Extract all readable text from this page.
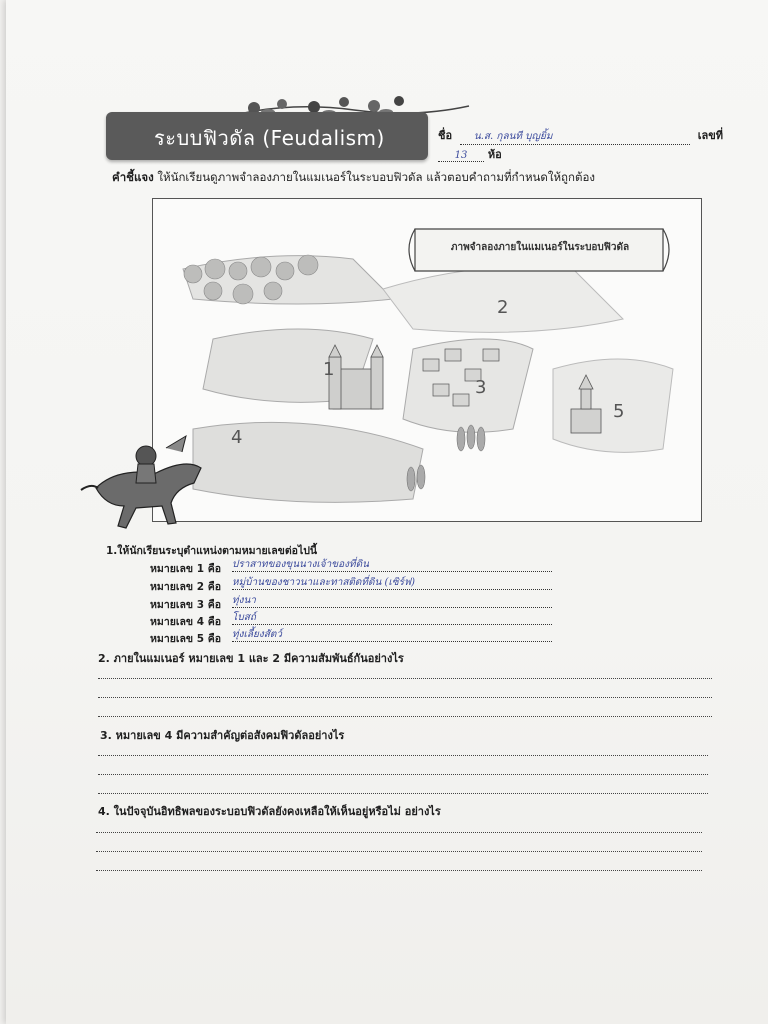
ระบบฟิวดัล (Feudalism)	ชื่อ น.ส. กุลนที บุญยิ้ม	เลขที่ 13 ห้อ
คำชี้แจง ให้นักเรียนดูภาพจำลองภายในแมเนอร์ในระบอบฟิวดัล แล้วตอบคำถามที่กำหนดให้ถูกต้อง
ภาพจำลองภายในแมเนอร์ในระบอบฟิวดัล
1
2
3
4
5
1.ให้นักเรียนระบุตำแหน่งตามหมายเลขต่อไปนี้
หมายเลข 1 คือ ปราสาทของขุนนางเจ้าของที่ดิน
หมายเลข 2 คือ หมู่บ้านของชาวนาและทาสติดที่ดิน (เซิร์ฟ)
หมายเลข 3 คือ ทุ่งนา
หมายเลข 4 คือ โบสถ์
หมายเลข 5 คือ ทุ่งเลี้ยงสัตว์
2. ภายในแมเนอร์ หมายเลข 1 และ 2 มีความสัมพันธ์กันอย่างไร
3. หมายเลข 4 มีความสำคัญต่อสังคมฟิวดัลอย่างไร
4. ในปัจจุบันอิทธิพลของระบอบฟิวดัลยังคงเหลือให้เห็นอยู่หรือไม่ อย่างไร
